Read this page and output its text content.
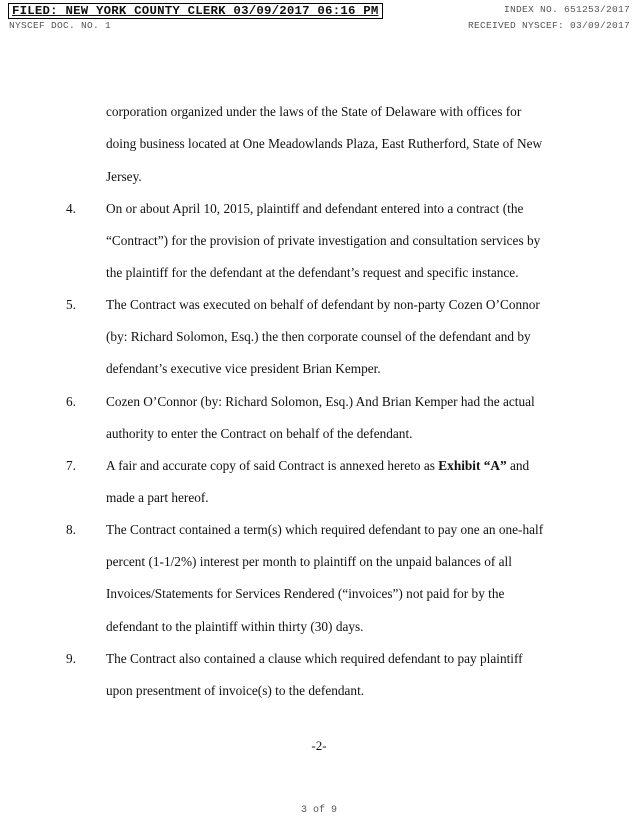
FILED: NEW YORK COUNTY CLERK 03/09/2017 06:16 PM
NYSCEF DOC. NO. 1
INDEX NO. 651253/2017
RECEIVED NYSCEF: 03/09/2017
corporation organized under the laws of the State of Delaware with offices for
doing business located at One Meadowlands Plaza, East Rutherford, State of New
Jersey.
4. On or about April 10, 2015, plaintiff and defendant entered into a contract (the
“Contract”) for the provision of private investigation and consultation services by
the plaintiff for the defendant at the defendant’s request and specific instance.
5. The Contract was executed on behalf of defendant by non-party Cozen O’Connor
(by: Richard Solomon, Esq.) the then corporate counsel of the defendant and by
defendant’s executive vice president Brian Kemper.
6. Cozen O’Connor (by: Richard Solomon, Esq.) And Brian Kemper had the actual
authority to enter the Contract on behalf of the defendant.
7. A fair and accurate copy of said Contract is annexed hereto as Exhibit “A” and
made a part hereof.
8. The Contract contained a term(s) which required defendant to pay one an one-half
percent (1-1/2%) interest per month to plaintiff on the unpaid balances of all
Invoices/Statements for Services Rendered (“invoices”) not paid for by the
defendant to the plaintiff within thirty (30) days.
9. The Contract also contained a clause which required defendant to pay plaintiff
upon presentment of invoice(s) to the defendant.
-2-
3 of 9
